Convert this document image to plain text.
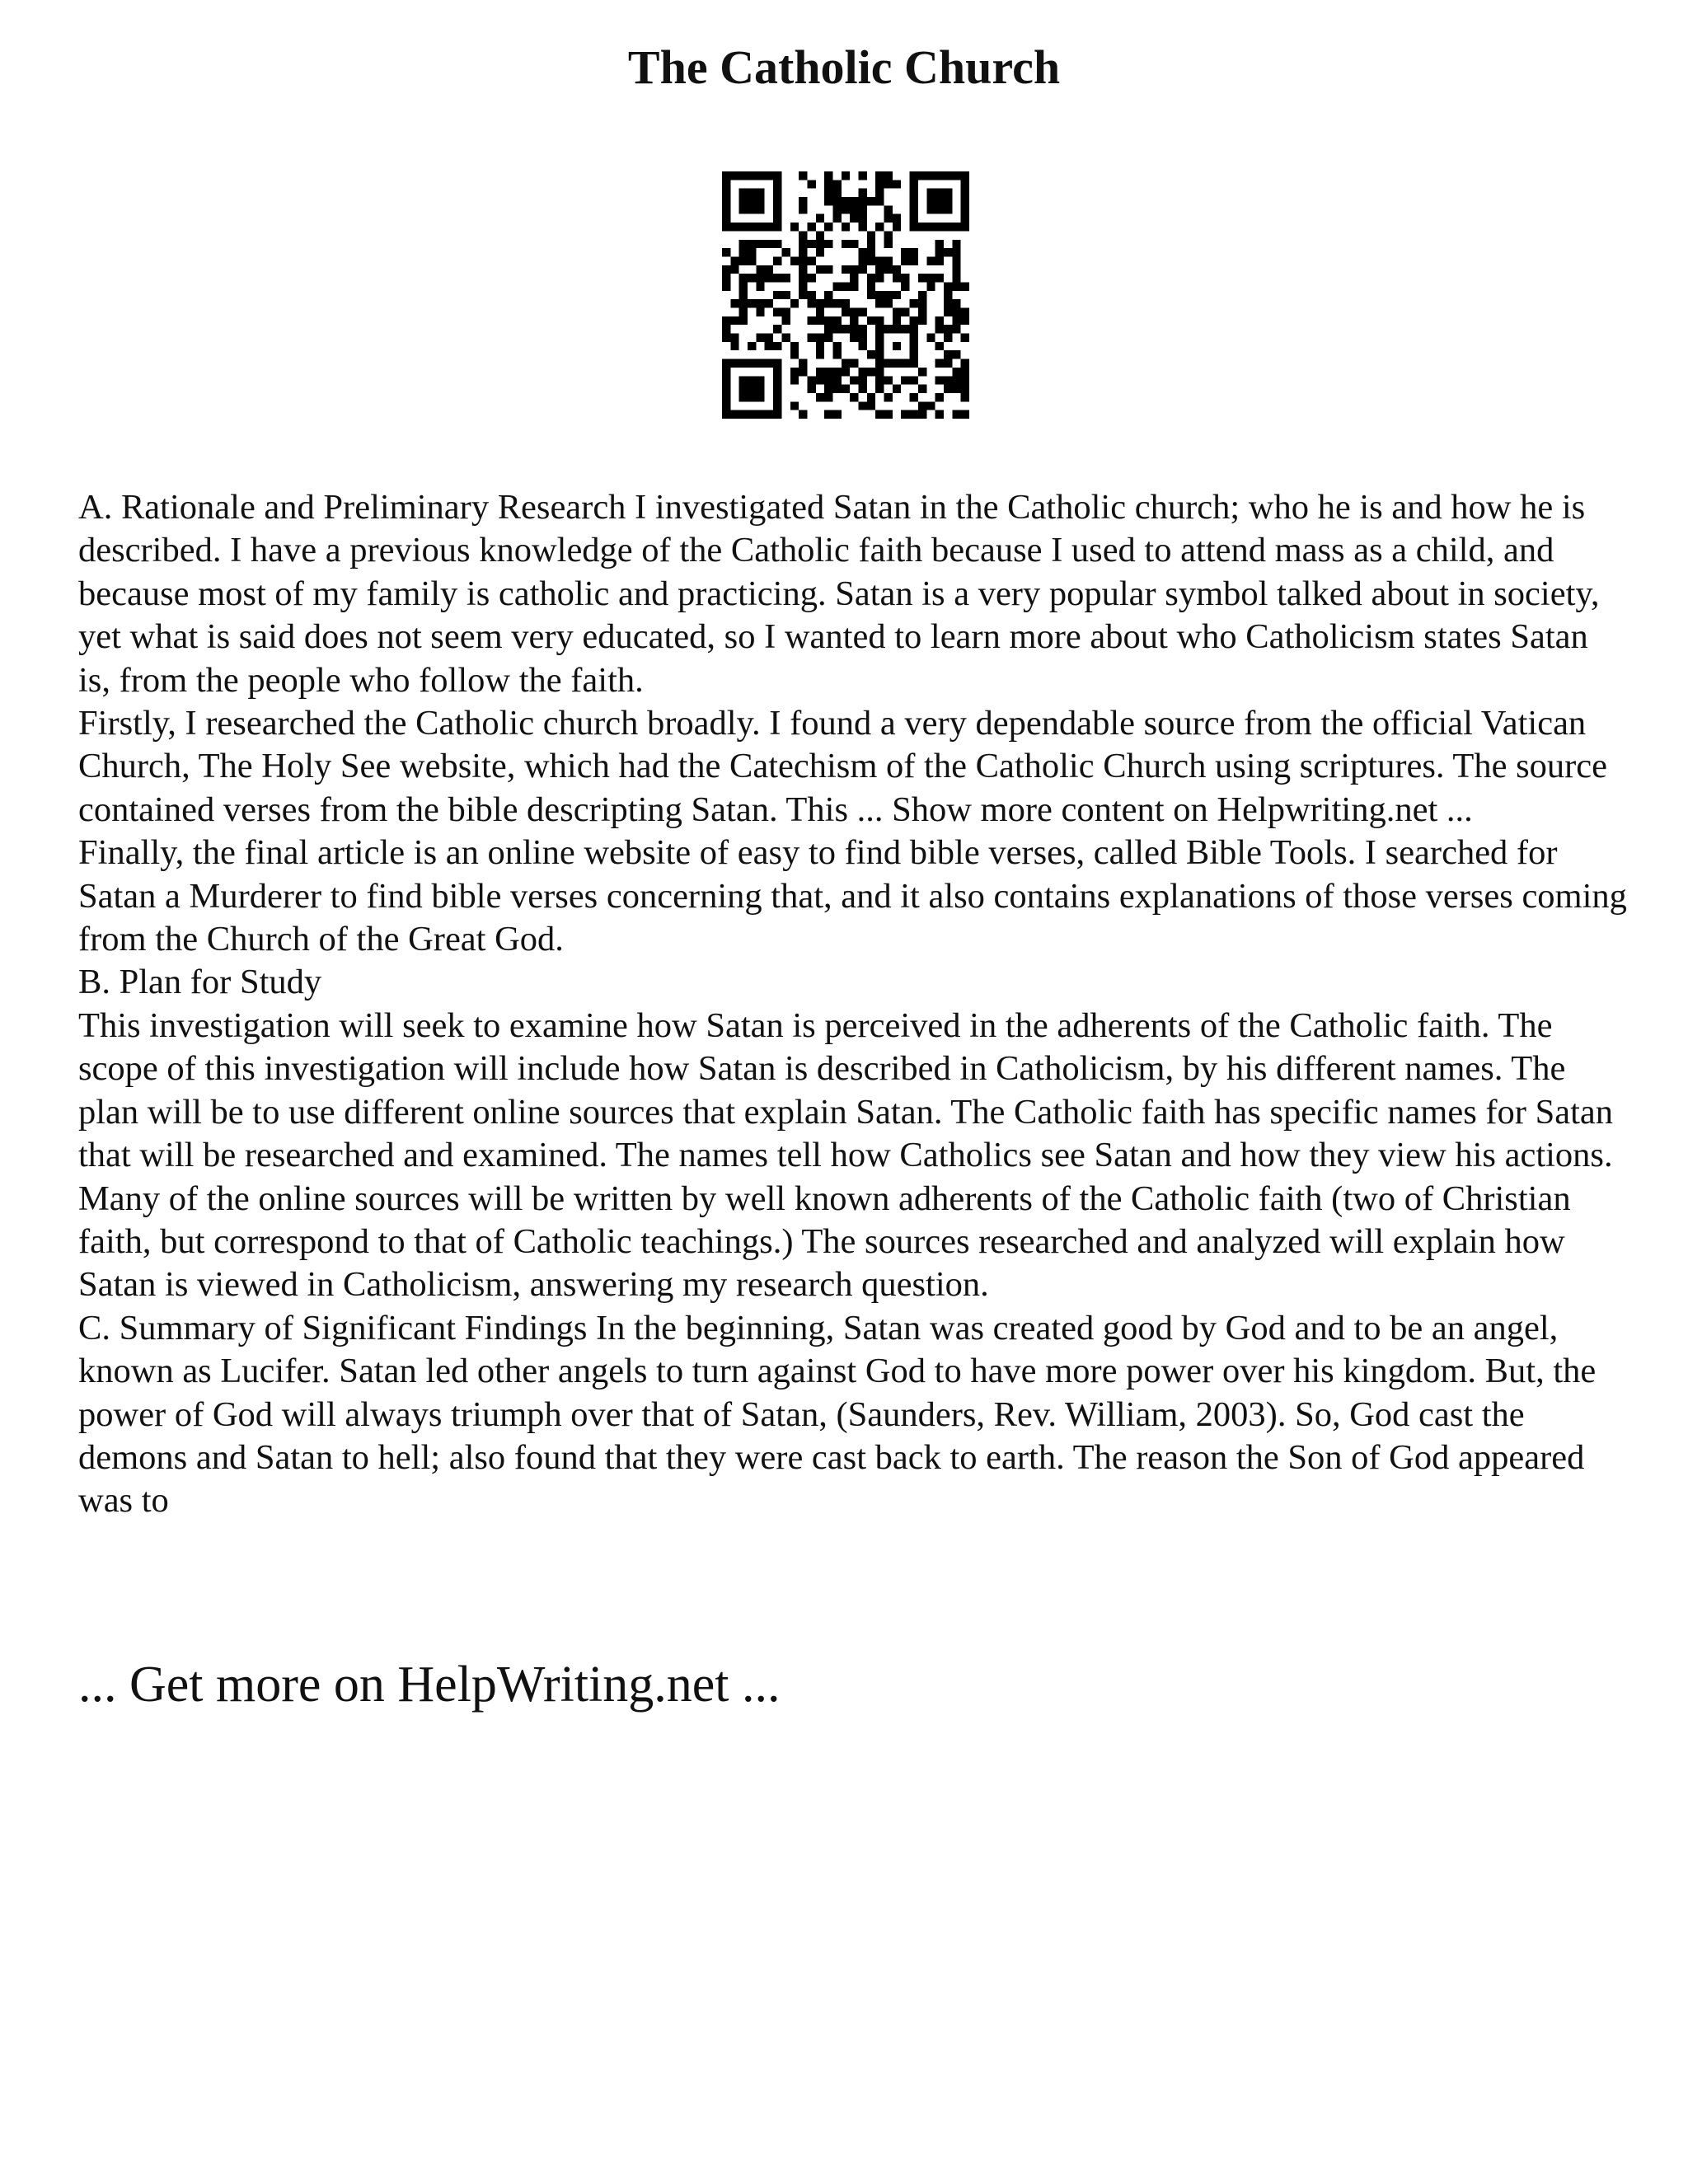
The Catholic Church

A. Rationale and Preliminary Research I investigated Satan in the Catholic church; who he is and how he is described. I have a previous knowledge of the Catholic faith because I used to attend mass as a child, and because most of my family is catholic and practicing. Satan is a very popular symbol talked about in society, yet what is said does not seem very educated, so I wanted to learn more about who Catholicism states Satan is, from the people who follow the faith.

Firstly, I researched the Catholic church broadly. I found a very dependable source from the official Vatican Church, The Holy See website, which had the Catechism of the Catholic Church using scriptures. The source contained verses from the bible descripting Satan. This ... Show more content on Helpwriting.net ...

Finally, the final article is an online website of easy to find bible verses, called Bible Tools. I searched for Satan a Murderer to find bible verses concerning that, and it also contains explanations of those verses coming from the Church of the Great God.

B. Plan for Study

This investigation will seek to examine how Satan is perceived in the adherents of the Catholic faith. The scope of this investigation will include how Satan is described in Catholicism, by his different names. The plan will be to use different online sources that explain Satan. The Catholic faith has specific names for Satan that will be researched and examined. The names tell how Catholics see Satan and how they view his actions. Many of the online sources will be written by well known adherents of the Catholic faith (two of Christian faith, but correspond to that of Catholic teachings.) The sources researched and analyzed will explain how Satan is viewed in Catholicism, answering my research question.

C. Summary of Significant Findings In the beginning, Satan was created good by God and to be an angel, known as Lucifer. Satan led other angels to turn against God to have more power over his kingdom. But, the power of God will always triumph over that of Satan, (Saunders, Rev. William, 2003). So, God cast the demons and Satan to hell; also found that they were cast back to earth. The reason the Son of God appeared was to

... Get more on HelpWriting.net ...
